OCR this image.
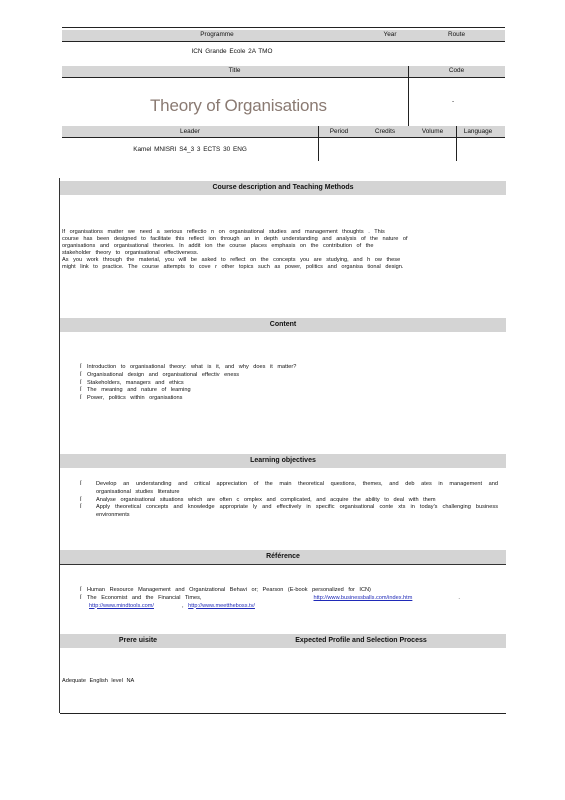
Programme	Year	Route
ICN Grande Ecole 2A TMO
Title	Code
Theory of Organisations	-
Leader	Period	Credits	Volume	Language
Kamel MNISRI S4_3 3 ECTS 30 ENG
Course description and Teaching Methods

If organisations matter we need a serious reflectio n on organisational studies and management thoughts . This

course has been designed to facilitate this reflect ion through an in depth understanding and analysis of the nature of

organisations and organisational theories. In addit ion the course places emphasis on the contribution of the

stakeholder theory to organisational effectiveness.

As you work through the material, you will be asked to reflect on the concepts you are studying, and h ow these

might link to practice. The course attempts to cove r other topics such as power, politics and organisa tional design.

Content
Ï Introduction to organisational theory: what is it, and why does it matter?
Ï Organisational design and organisational effectiv eness
Ï Stakeholders, managers and ethics
Ï The meaning and nature of learning
Ï Power, politics within organisations
Learning objectives
Ï	Develop an understanding and critical appreciation of the main theoretical questions, themes, and deb ates in management and organisational studies literature
Ï	Analyse organisational situations which are often c omplex and complicated, and acquire the ability to deal with them
Ï	Apply theoretical concepts and knowledge appropriate ly and effectively in specific organisational conte xts in today's challenging business environments
Référence
Ï Human Resource Management and Organizational Behavi or; Pearson (E-book personalized for ICN)
Ï The Economist and the Financial Times,	http://www.businessballs.com/index.htm	.
http://www.mindtools.com/	, http://www.meettheboss.tv/
Prere uisite	Expected Profile and Selection Process
Adequate English level NA
